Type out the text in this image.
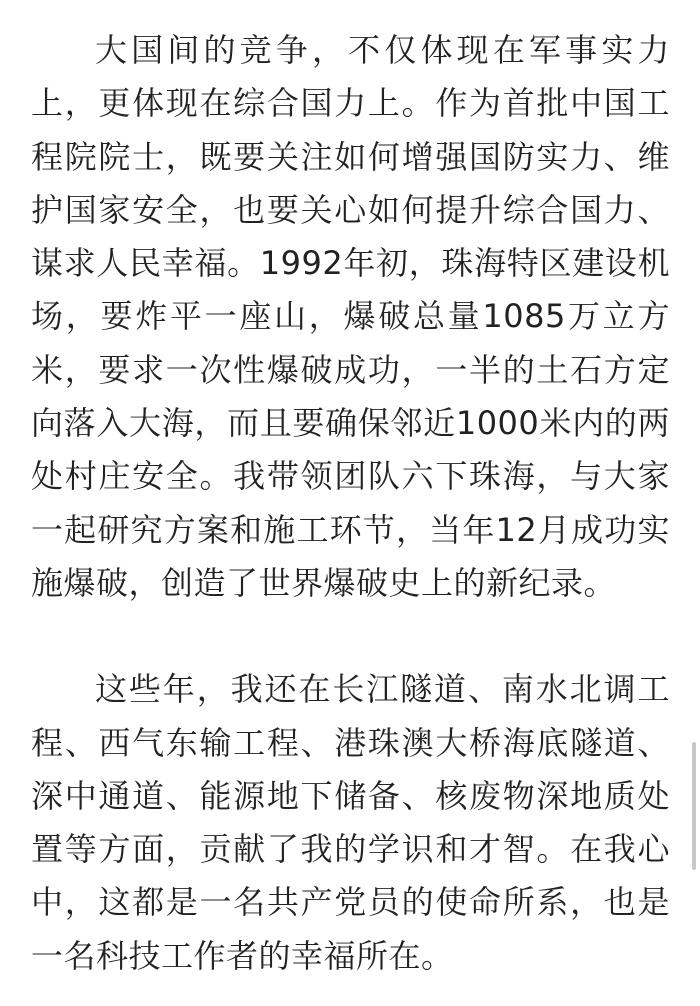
大国间的竞争，不仅体现在军事实力上，更体现在综合国力上。作为首批中国工程院院士，既要关注如何增强国防实力、维护国家安全，也要关心如何提升综合国力、谋求人民幸福。1992年初，珠海特区建设机场，要炸平一座山，爆破总量1085万立方米，要求一次性爆破成功，一半的土石方定向落入大海，而且要确保邻近1000米内的两处村庄安全。我带领团队六下珠海，与大家一起研究方案和施工环节，当年12月成功实施爆破，创造了世界爆破史上的新纪录。

这些年，我还在长江隧道、南水北调工程、西气东输工程、港珠澳大桥海底隧道、深中通道、能源地下储备、核废物深地质处置等方面，贡献了我的学识和才智。在我心中，这都是一名共产党员的使命所系，也是一名科技工作者的幸福所在。
